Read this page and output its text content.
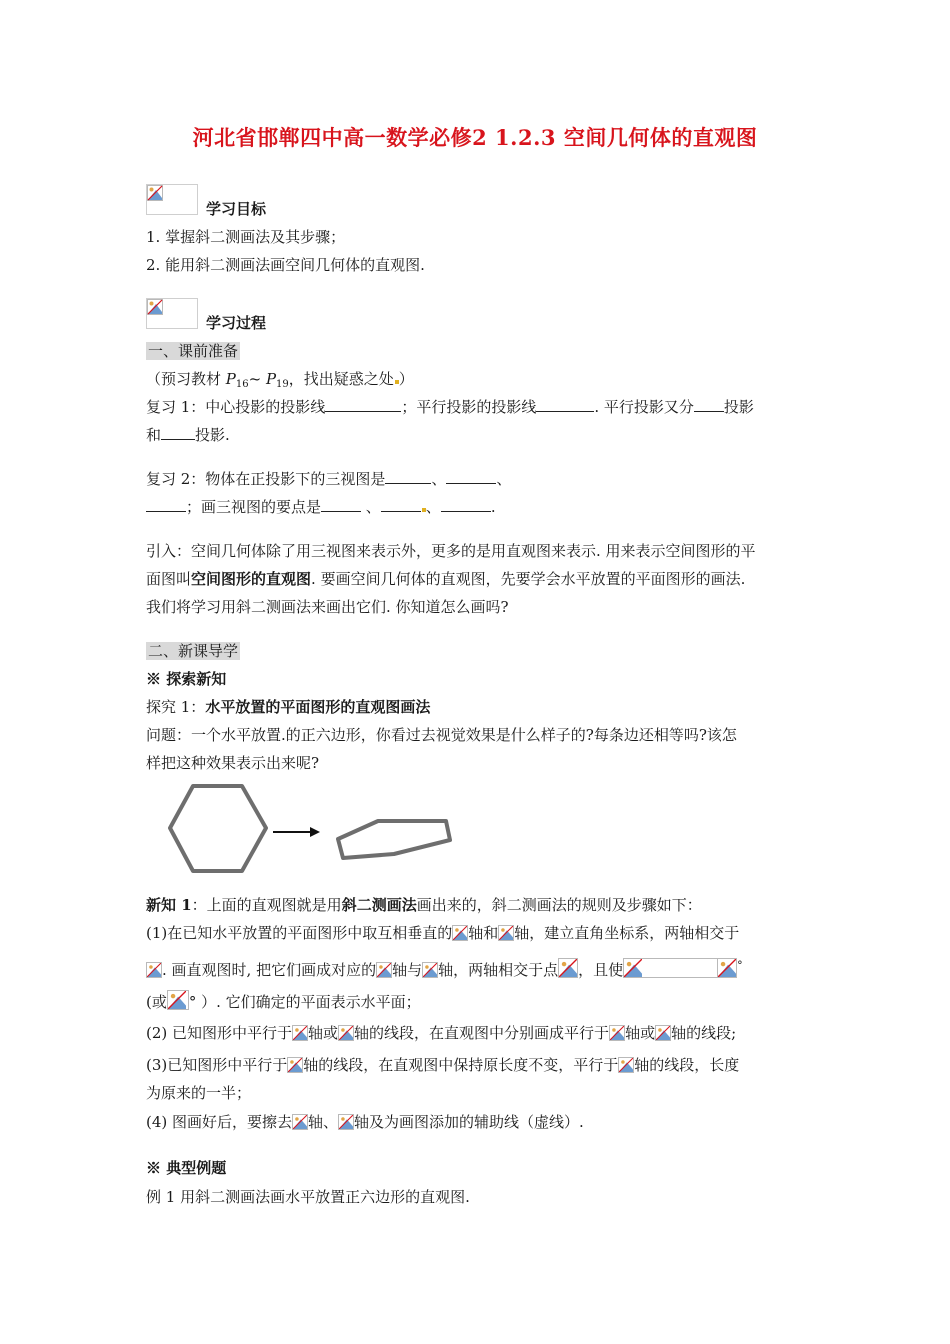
河北省邯郸四中高一数学必修2 1.2.3 空间几何体的直观图
学习目标
1. 掌握斜二测画法及其步骤；
2. 能用斜二测画法画空间几何体的直观图.
学习过程
一、课前准备
（预习教材 $P_{16}\sim$ $P_{19}$，找出疑惑之处 ）
复习 1：中心投影的投影线	；平行投影的投影线	. 平行投影又分 投影
和 投影.
复习 2：物体在正投影下的三视图是	、	、
；画三视图的要点是	、	、	.
引入：空间几何体除了用三视图来表示外，更多的是用直观图来表示. 用来表示空间图形的平
面图叫空间图形的直观图. 要画空间几何体的直观图，先要学会水平放置的平面图形的画法.
我们将学习用斜二测画法来画出它们. 你知道怎么画吗?
二、新课导学
※ 探索新知
探究 1：水平放置的平面图形的直观图画法
问题：一个水平放置.的正六边形，你看过去视觉效果是什么样子的?每条边还相等吗?该怎
样把这种效果表示出来呢?
新知 1：上面的直观图就是用斜二测画法画出来的，斜二测画法的规则及步骤如下：
(1)在已知水平放置的平面图形中取互相垂直的 轴和 轴，建立直角坐标系，两轴相交于
. 画直观图时, 把它们画成对应的 轴与 轴，两轴相交于点 ，且使	°
(或 ° ）. 它们确定的平面表示水平面；
(2) 已知图形中平行于 轴或 轴的线段，在直观图中分别画成平行于 轴或 轴的线段;
(3)已知图形中平行于 轴的线段，在直观图中保持原长度不变，平行于 轴的线段，长度
为原来的一半；
(4) 图画好后，要擦去 轴、 轴及为画图添加的辅助线（虚线）.
※ 典型例题
例 1 用斜二测画法画水平放置正六边形的直观图.
